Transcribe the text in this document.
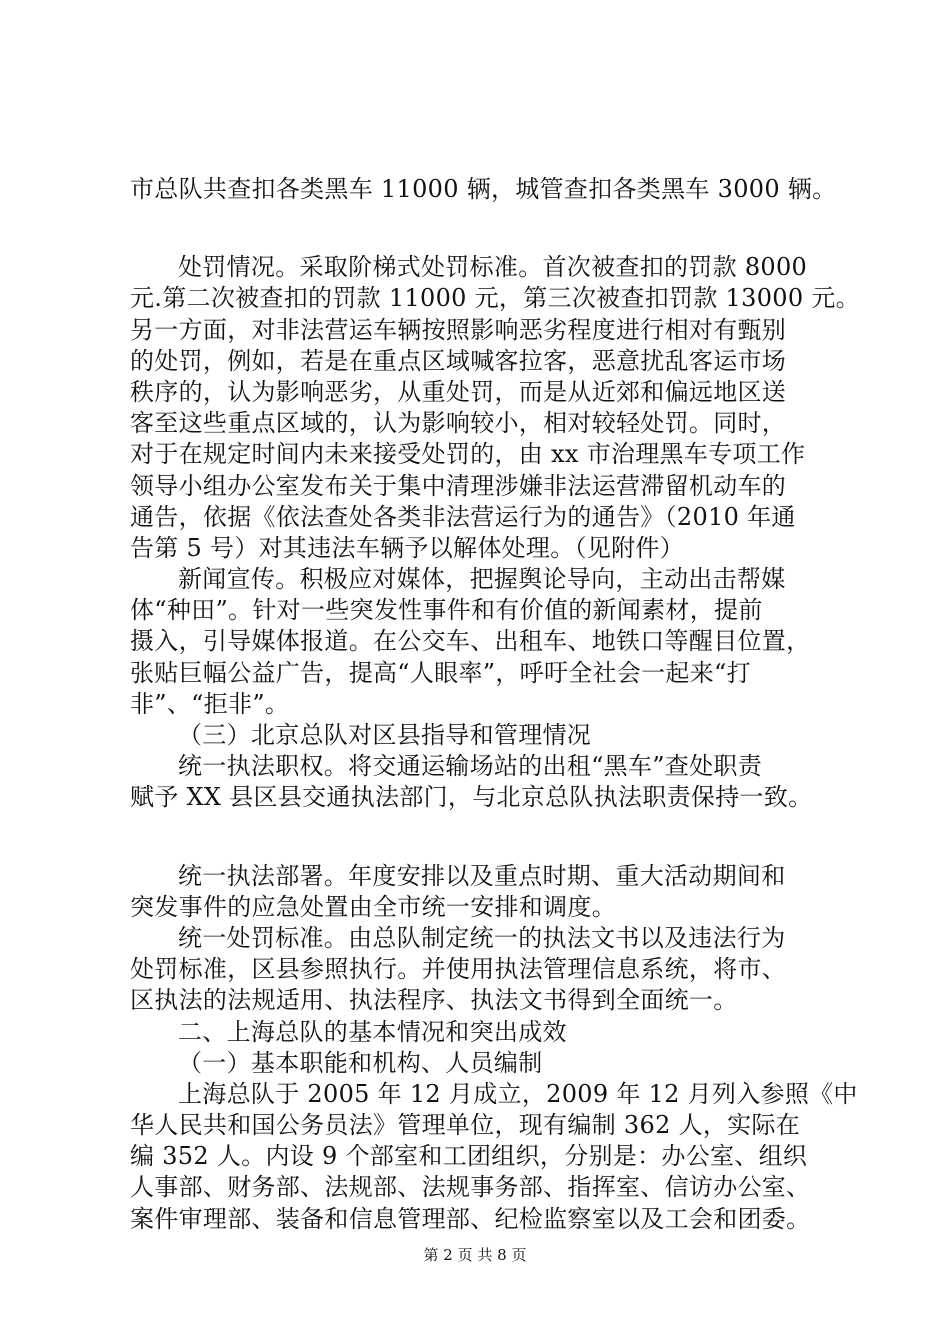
市总队共查扣各类黑车 11000 辆，城管查扣各类黑车 3000 辆。
处罚情况。采取阶梯式处罚标准。首次被查扣的罚款 8000
元.第二次被查扣的罚款 11000 元，第三次被查扣罚款 13000 元。
另一方面，对非法营运车辆按照影响恶劣程度进行相对有甄别
的处罚，例如，若是在重点区域喊客拉客，恶意扰乱客运市场
秩序的，认为影响恶劣，从重处罚，而是从近郊和偏远地区送
客至这些重点区域的，认为影响较小，相对较轻处罚。同时，
对于在规定时间内未来接受处罚的，由 xx 市治理黑车专项工作
领导小组办公室发布关于集中清理涉嫌非法运营滞留机动车的
通告，依据《依法查处各类非法营运行为的通告》（2010 年通
告第 5 号）对其违法车辆予以解体处理。（见附件）
新闻宣传。积极应对媒体，把握舆论导向，主动出击帮媒
体“种田”。针对一些突发性事件和有价值的新闻素材，提前
摄入，引导媒体报道。在公交车、出租车、地铁口等醒目位置，
张贴巨幅公益广告，提高“人眼率”，呼吁全社会一起来“打
非”、“拒非”。
（三）北京总队对区县指导和管理情况
统一执法职权。将交通运输场站的出租“黑车”查处职责
赋予 XX 县区县交通执法部门，与北京总队执法职责保持一致。
统一执法部署。年度安排以及重点时期、重大活动期间和
突发事件的应急处置由全市统一安排和调度。
统一处罚标准。由总队制定统一的执法文书以及违法行为
处罚标准，区县参照执行。并使用执法管理信息系统，将市、
区执法的法规适用、执法程序、执法文书得到全面统一。
二、上海总队的基本情况和突出成效
（一）基本职能和机构、人员编制
上海总队于 2005 年 12 月成立，2009 年 12 月列入参照《中
华人民共和国公务员法》管理单位，现有编制 362 人，实际在
编 352 人。内设 9 个部室和工团组织，分别是：办公室、组织
人事部、财务部、法规部、法规事务部、指挥室、信访办公室、
案件审理部、装备和信息管理部、纪检监察室以及工会和团委。
第 2 页 共 8 页
